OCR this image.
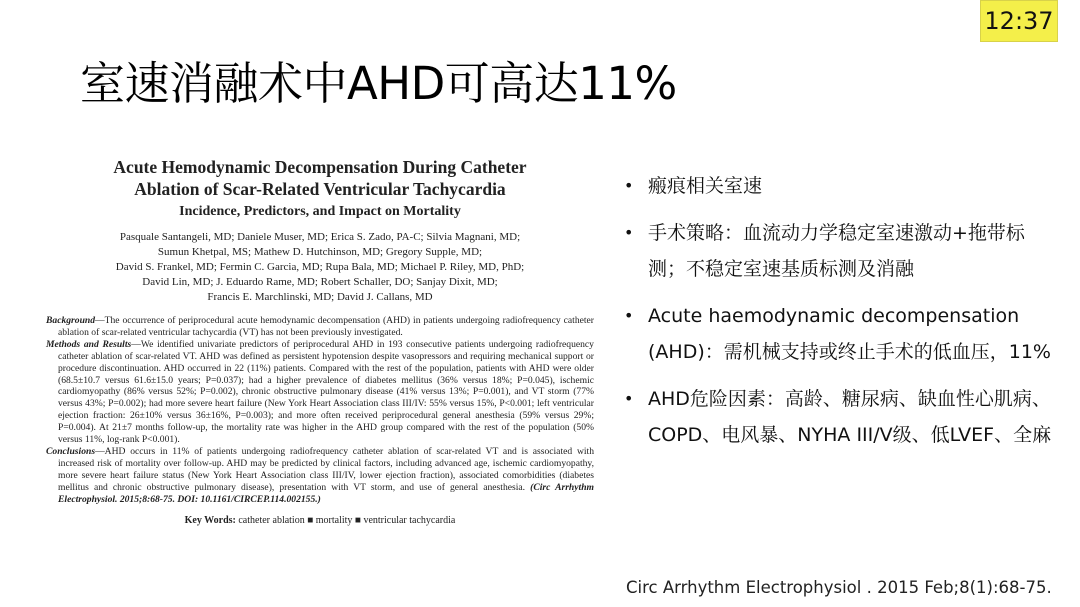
12:37
室速消融术中AHD可高达11%
Acute Hemodynamic Decompensation During Catheter
Ablation of Scar-Related Ventricular Tachycardia
Incidence, Predictors, and Impact on Mortality
Pasquale Santangeli, MD; Daniele Muser, MD; Erica S. Zado, PA-C; Silvia Magnani, MD;
Sumun Khetpal, MS; Mathew D. Hutchinson, MD; Gregory Supple, MD;
David S. Frankel, MD; Fermin C. Garcia, MD; Rupa Bala, MD; Michael P. Riley, MD, PhD;
David Lin, MD; J. Eduardo Rame, MD; Robert Schaller, DO; Sanjay Dixit, MD;
Francis E. Marchlinski, MD; David J. Callans, MD

Background—The occurrence of periprocedural acute hemodynamic decompensation (AHD) in patients undergoing radiofrequency catheter ablation of scar-related ventricular tachycardia (VT) has not been previously investigated.

Methods and Results—We identified univariate predictors of periprocedural AHD in 193 consecutive patients undergoing radiofrequency catheter ablation of scar-related VT. AHD was defined as persistent hypotension despite vasopressors and requiring mechanical support or procedure discontinuation. AHD occurred in 22 (11%) patients. Compared with the rest of the population, patients with AHD were older (68.5±10.7 versus 61.6±15.0 years; P=0.037); had a higher prevalence of diabetes mellitus (36% versus 18%; P=0.045), ischemic cardiomyopathy (86% versus 52%; P=0.002), chronic obstructive pulmonary disease (41% versus 13%; P=0.001), and VT storm (77% versus 43%; P=0.002); had more severe heart failure (New York Heart Association class III/IV: 55% versus 15%, P<0.001; left ventricular ejection fraction: 26±10% versus 36±16%, P=0.003); and more often received periprocedural general anesthesia (59% versus 29%; P=0.004). At 21±7 months follow-up, the mortality rate was higher in the AHD group compared with the rest of the population (50% versus 11%, log-rank P<0.001).

Conclusions—AHD occurs in 11% of patients undergoing radiofrequency catheter ablation of scar-related VT and is associated with increased risk of mortality over follow-up. AHD may be predicted by clinical factors, including advanced age, ischemic cardiomyopathy, more severe heart failure status (New York Heart Association class III/IV, lower ejection fraction), associated comorbidities (diabetes mellitus and chronic obstructive pulmonary disease), presentation with VT storm, and use of general anesthesia. (Circ Arrhythm Electrophysiol. 2015;8:68-75. DOI: 10.1161/CIRCEP.114.002155.)

Key Words: catheter ablation ■ mortality ■ ventricular tachycardia
• 瘢痕相关室速
• 手术策略：血流动力学稳定室速激动+拖带标测；不稳定室速基质标测及消融
• Acute haemodynamic decompensation (AHD)：需机械支持或终止手术的低血压，11%
• AHD危险因素：高龄、糖尿病、缺血性心肌病、COPD、电风暴、NYHA III/V级、低LVEF、全麻
Circ Arrhythm Electrophysiol . 2015 Feb;8(1):68-75.
